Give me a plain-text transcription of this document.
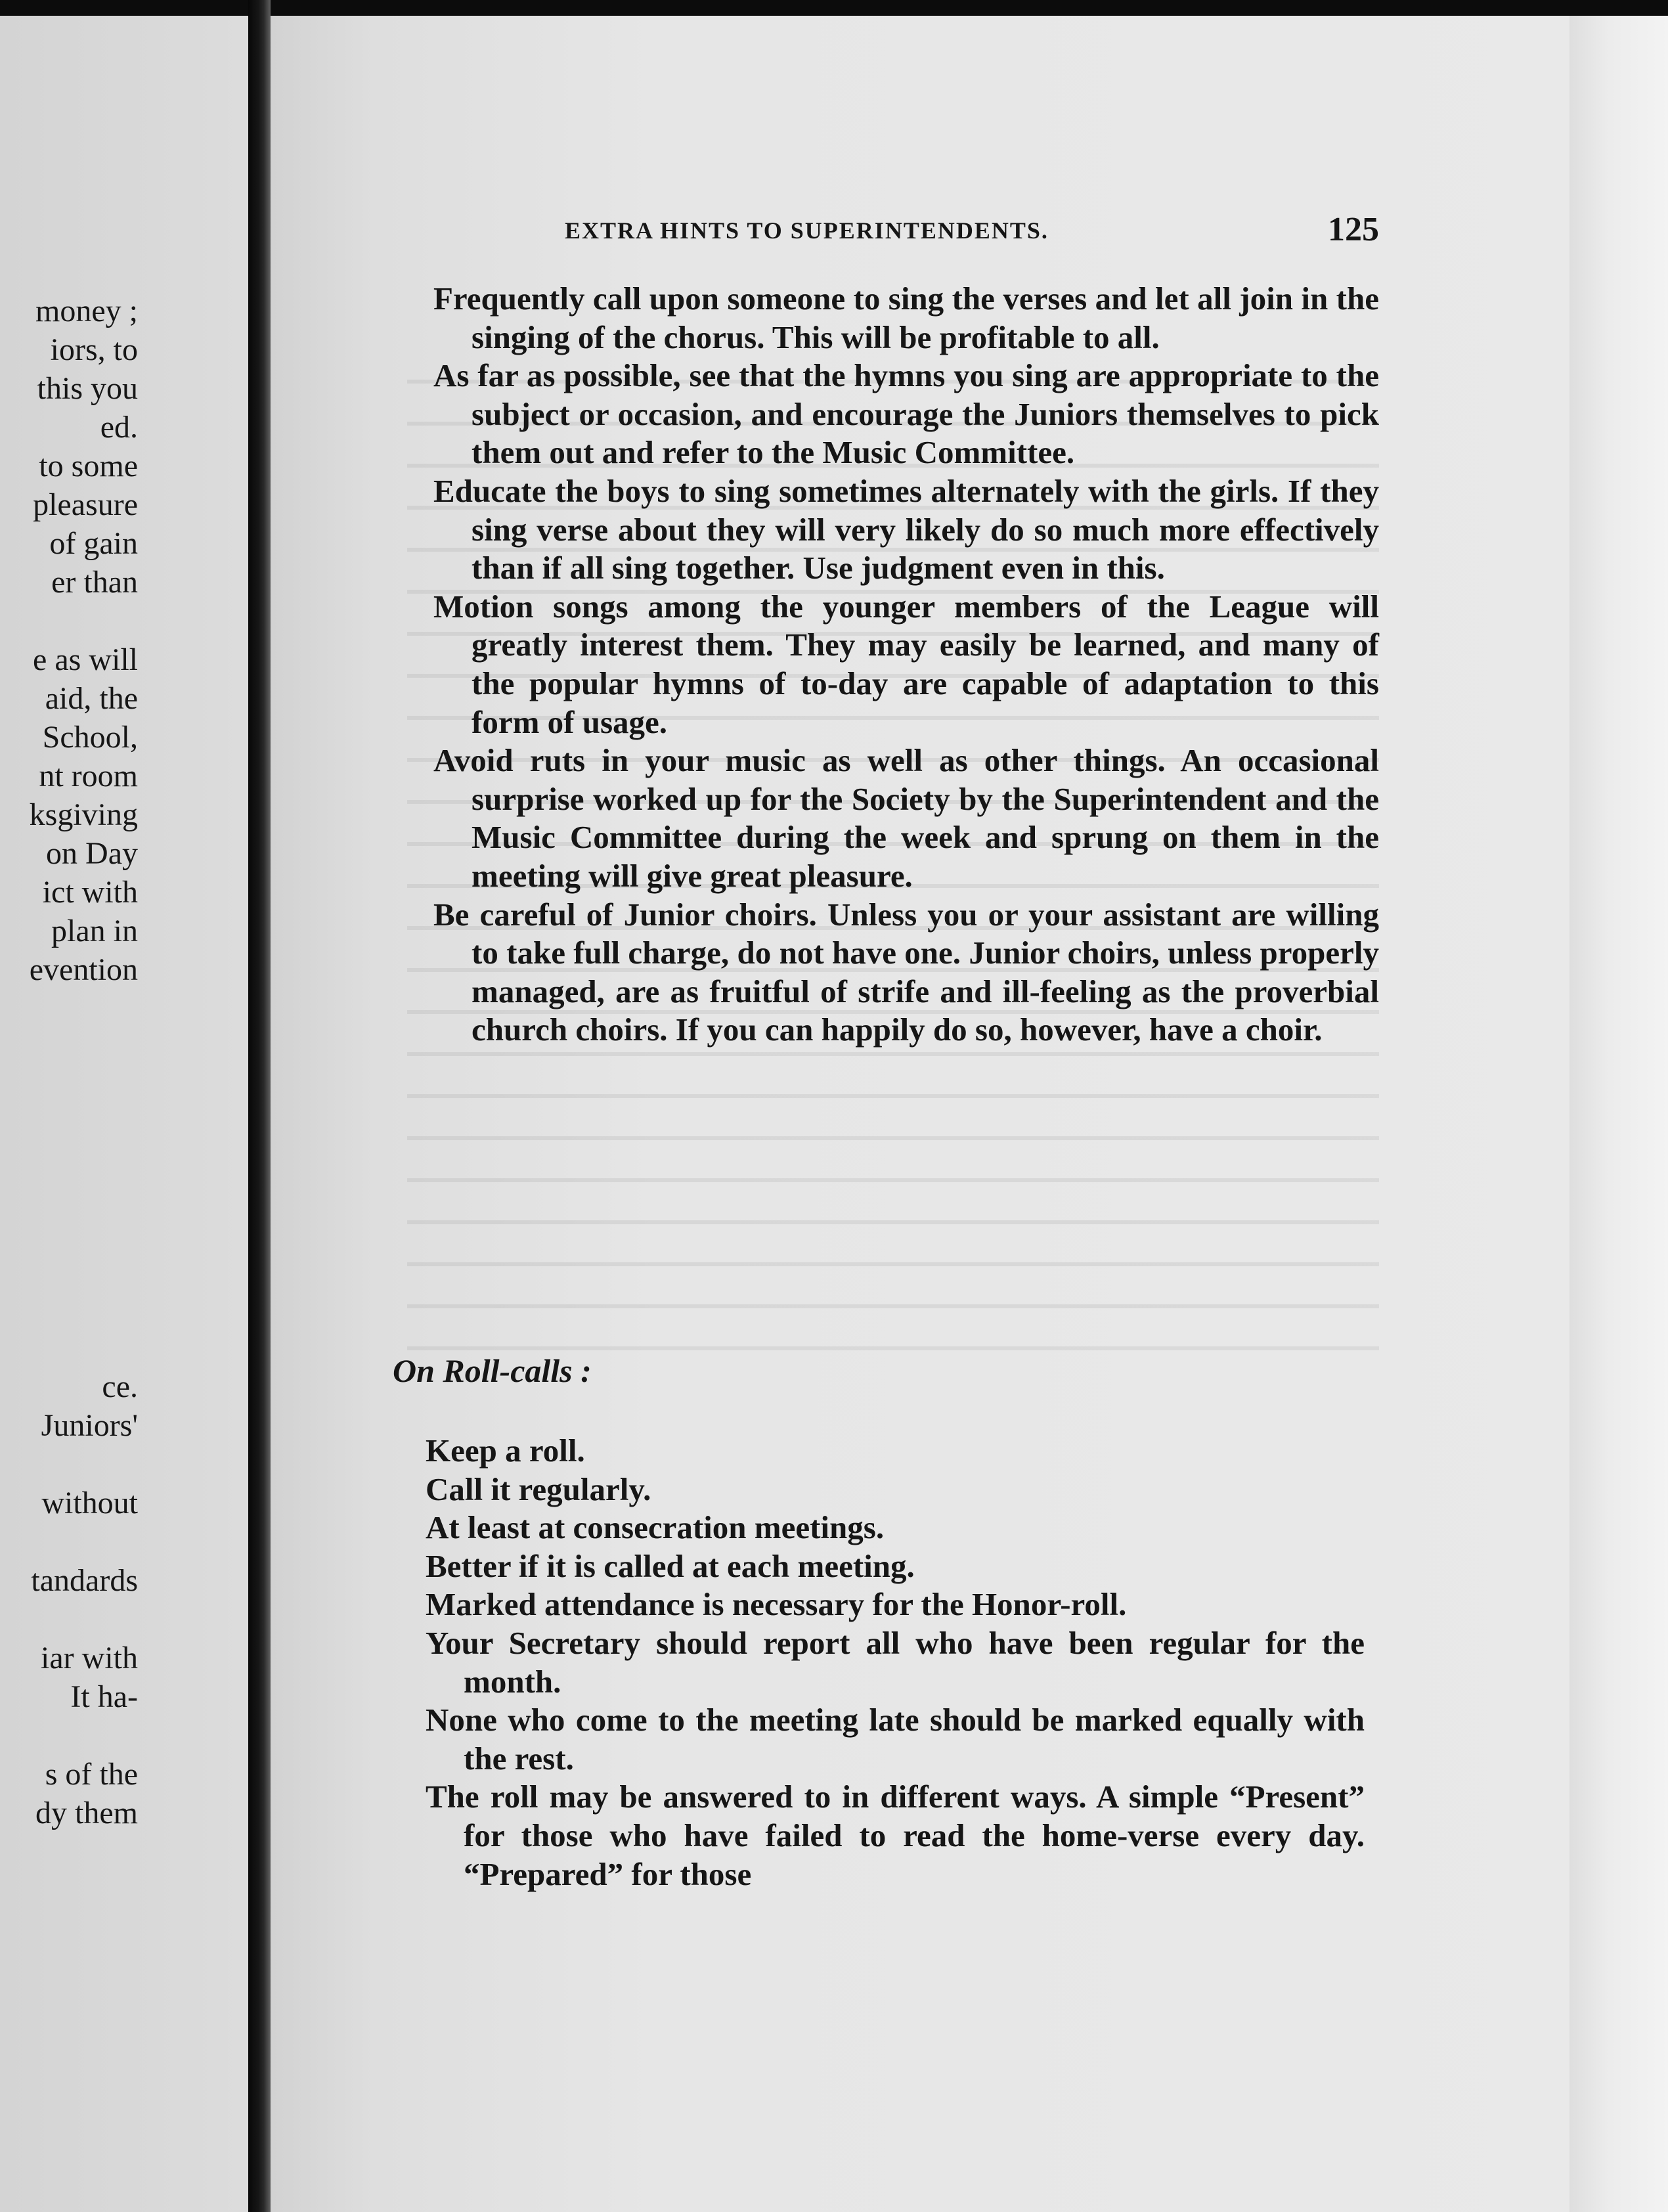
money ;
iors, to
this you
ed.
to some
pleasure
of gain
er than
e as will
aid, the
School,
nt room
ksgiving
on Day
ict with
plan in
evention
ce.
Juniors'
without
tandards
iar with
It ha-
s of the
dy them
EXTRA HINTS TO SUPERINTENDENTS.	125

Frequently call upon someone to sing the verses and let all join in the singing of the chorus. This will be profitable to all.

As far as possible, see that the hymns you sing are appropriate to the subject or occasion, and encourage the Juniors themselves to pick them out and refer to the Music Committee.

Educate the boys to sing sometimes alternately with the girls. If they sing verse about they will very likely do so much more effectively than if all sing together. Use judgment even in this.

Motion songs among the younger members of the League will greatly interest them. They may easily be learned, and many of the popular hymns of to-day are capable of adaptation to this form of usage.

Avoid ruts in your music as well as other things. An occasional surprise worked up for the Society by the Superintendent and the Music Committee during the week and sprung on them in the meeting will give great pleasure.

Be careful of Junior choirs. Unless you or your assistant are willing to take full charge, do not have one. Junior choirs, unless properly managed, are as fruitful of strife and ill-feeling as the proverbial church choirs. If you can happily do so, however, have a choir.

On Roll-calls :

Keep a roll.

Call it regularly.

At least at consecration meetings.

Better if it is called at each meeting.

Marked attendance is necessary for the Honor-roll.

Your Secretary should report all who have been regular for the month.

None who come to the meeting late should be marked equally with the rest.

The roll may be answered to in different ways. A simple “Present” for those who have failed to read the home-verse every day. “Prepared” for those
